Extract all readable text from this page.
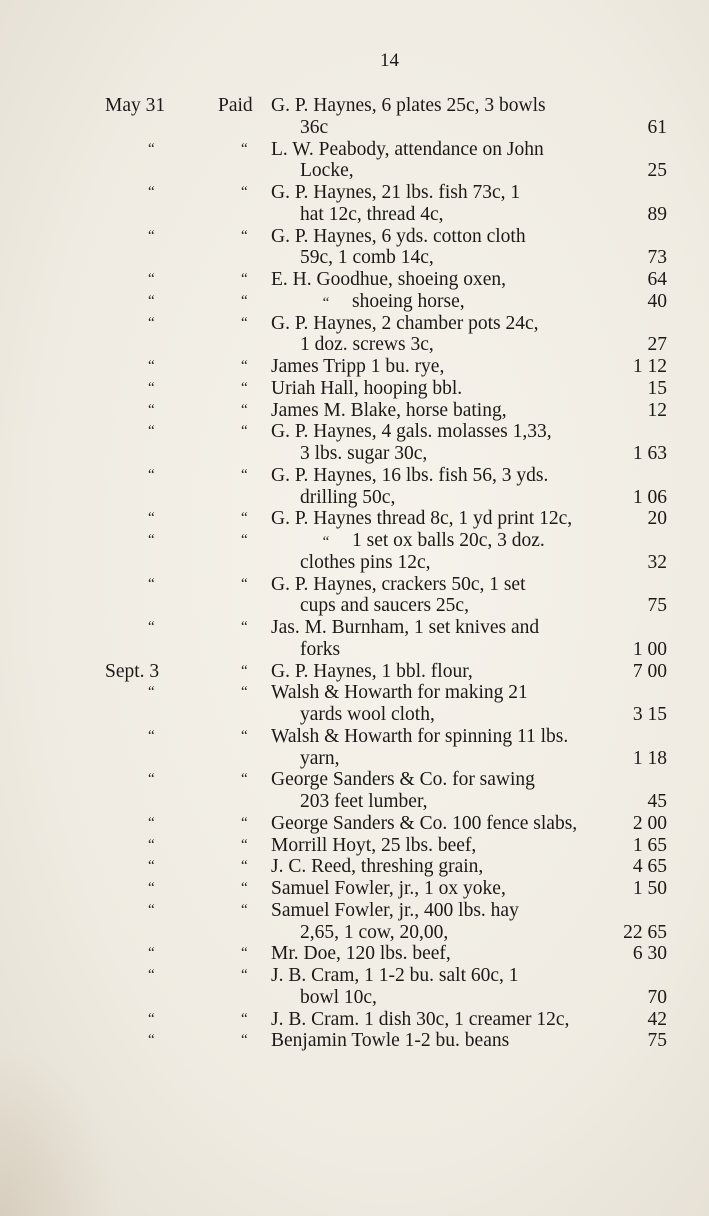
14
May 31	Paid G. P. Haynes, 6 plates 25c, 3 bowls
36c	61
“	“ L. W. Peabody, attendance on John
Locke,	25
“	“ G. P. Haynes, 21 lbs. fish 73c, 1
hat 12c, thread 4c,	89
“	“ G. P. Haynes, 6 yds. cotton cloth
59c, 1 comb 14c,	73
“	“ E. H. Goodhue, shoeing oxen,	64
“	“	“ shoeing horse,	40
“	“ G. P. Haynes, 2 chamber pots 24c,
1 doz. screws 3c,	27
“	“ James Tripp 1 bu. rye,	1 12
“	“ Uriah Hall, hooping bbl.	15
“	“ James M. Blake, horse bating,	12
“	“ G. P. Haynes, 4 gals. molasses 1,33,
3 lbs. sugar 30c,	1 63
“	“ G. P. Haynes, 16 lbs. fish 56, 3 yds.
drilling 50c,	1 06
“	“ G. P. Haynes thread 8c, 1 yd print 12c,	20
“	“	“ 1 set ox balls 20c, 3 doz.
clothes pins 12c,	32
“	“ G. P. Haynes, crackers 50c, 1 set
cups and saucers 25c,	75
“	“ Jas. M. Burnham, 1 set knives and
forks	1 00
Sept. 3	“ G. P. Haynes, 1 bbl. flour,	7 00
“	“ Walsh & Howarth for making 21
yards wool cloth,	3 15
“	“ Walsh & Howarth for spinning 11 lbs.
yarn,	1 18
“	“ George Sanders & Co. for sawing
203 feet lumber,	45
“	“ George Sanders & Co. 100 fence slabs,	2 00
“	“ Morrill Hoyt, 25 lbs. beef,	1 65
“	“ J. C. Reed, threshing grain,	4 65
“	“ Samuel Fowler, jr., 1 ox yoke,	1 50
“	“ Samuel Fowler, jr., 400 lbs. hay
2,65, 1 cow, 20,00,	22 65
“	“ Mr. Doe, 120 lbs. beef,	6 30
“	“ J. B. Cram, 1 1-2 bu. salt 60c, 1
bowl 10c,	70
“	“ J. B. Cram. 1 dish 30c, 1 creamer 12c,	42
“	“ Benjamin Towle 1-2 bu. beans	75
